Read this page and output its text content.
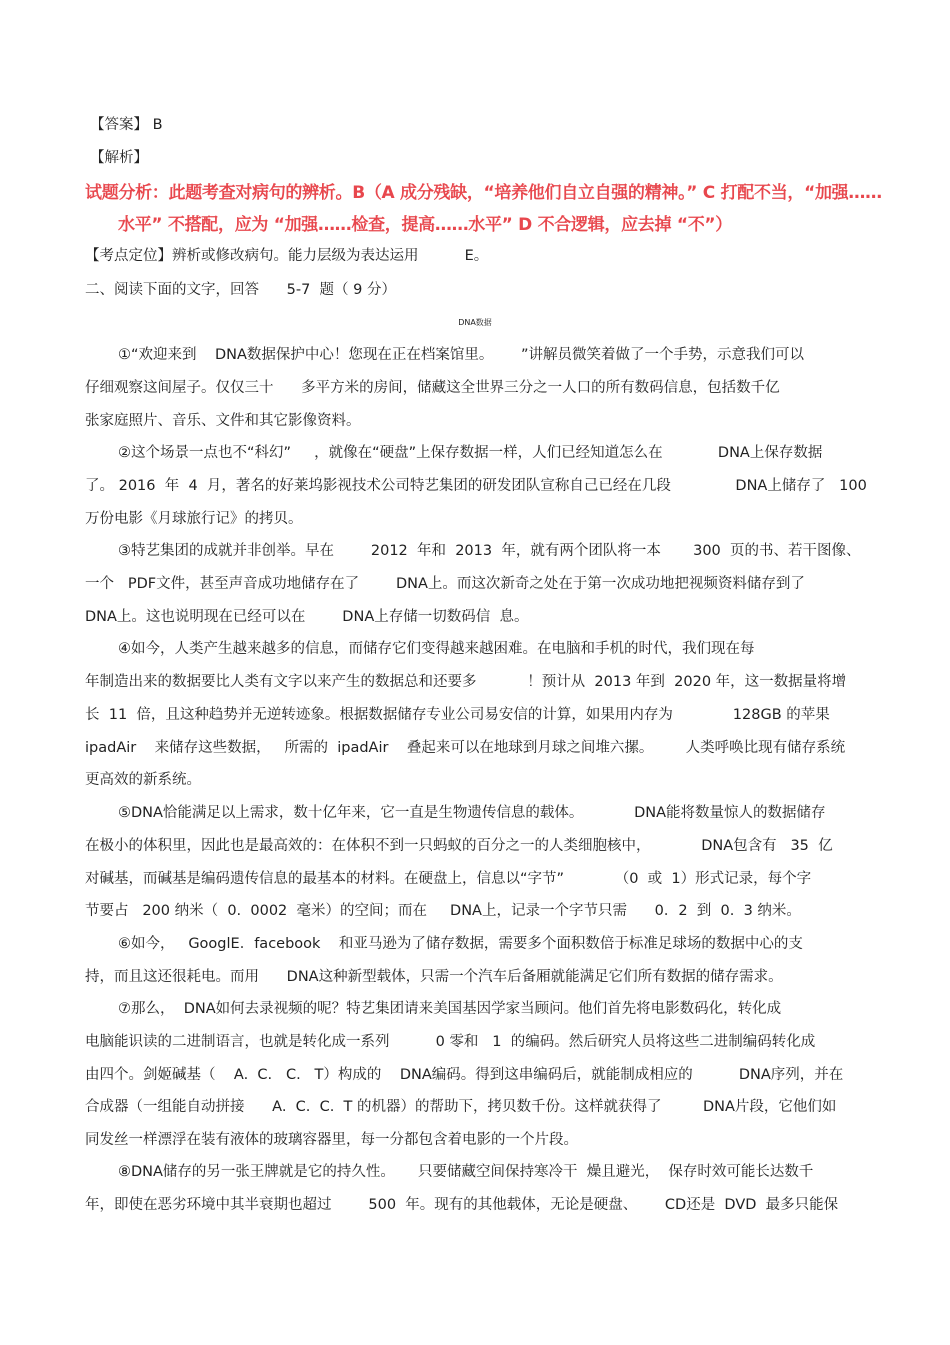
【答案】 B
【解析】
试题分析：此题考查对病句的辨析。B（A 成分残缺，“培养他们自立自强的精神。” C 打配不当，“加强……
水平” 不搭配，应为 “加强……检查，提高……水平” D 不合逻辑，应去掉 “不”）
【考点定位】辨析或修改病句。能力层级为表达运用          E。
二、阅读下面的文字，回答      5-7  题（ 9 分）
DNA数据
①“欢迎来到    DNA数据保护中心！您现在正在档案馆里。      ”讲解员微笑着做了一个手势，示意我们可以
仔细观察这间屋子。仅仅三十      多平方米的房间，储藏这全世界三分之一人口的所有数码信息，包括数千亿
张家庭照片、音乐、文件和其它影像资料。
②这个场景一点也不“科幻”     ，就像在“硬盘”上保存数据一样，人们已经知道怎么在            DNA上保存数据
了。 2016  年  4  月，著名的好莱坞影视技术公司特艺集团的研发团队宣称自己已经在几段              DNA上储存了   100
万份电影《月球旅行记》的拷贝。
③特艺集团的成就并非创举。早在        2012  年和  2013  年，就有两个团队将一本       300  页的书、若干图像、
一个   PDF文件，甚至声音成功地储存在了        DNA上。而这次新奇之处在于第一次成功地把视频资料储存到了
DNA上。这也说明现在已经可以在        DNA上存储一切数码信  息。
④如今，人类产生越来越多的信息，而储存它们变得越来越困难。在电脑和手机的时代，我们现在每
年制造出来的数据要比人类有文字以来产生的数据总和还要多           ！预计从  2013 年到  2020 年，这一数据量将增
长  11  倍，且这种趋势并无逆转迹象。根据数据储存专业公司易安信的计算，如果用内存为             128GB 的苹果
ipadAir    来储存这些数据，   所需的  ipadAir    叠起来可以在地球到月球之间堆六摞。       人类呼唤比现有储存系统
更高效的新系统。
⑤DNA恰能满足以上需求，数十亿年来，它一直是生物遗传信息的载体。           DNA能将数量惊人的数据储存
在极小的体积里，因此也是最高效的：在体积不到一只蚂蚁的百分之一的人类细胞核中，           DNA包含有   35  亿
对碱基，而碱基是编码遗传信息的最基本的材料。在硬盘上，信息以“字节”           （0  或  1）形式记录，每个字
节要占   200 纳米（  0.  0002  毫米）的空间；而在     DNA上，记录一个字节只需      0．2  到  0.  3 纳米。
⑥如今，   GooglE．facebook    和亚马逊为了储存数据，需要多个面积数倍于标准足球场的数据中心的支
持，而且这还很耗电。而用      DNA这种新型载体，只需一个汽车后备厢就能满足它们所有数据的储存需求。
⑦那么，  DNA如何去录视频的呢？特艺集团请来美国基因学家当顾问。他们首先将电影数码化，转化成
电脑能识读的二进制语言，也就是转化成一系列          0 零和   1  的编码。然后研究人员将这些二进制编码转化成
由四个。剑姬碱基（    A.  C.   C.   T）构成的    DNA编码。得到这串编码后，就能制成相应的          DNA序列，并在
合成器（一组能自动拼接      A.  C.  C.  T 的机器）的帮助下，拷贝数千份。这样就获得了         DNA片段，它他们如
同发丝一样漂浮在装有液体的玻璃容器里，每一分都包含着电影的一个片段。
⑧DNA储存的另一张王牌就是它的持久性。     只要储藏空间保持寒冷干  燥且避光，  保存时效可能长达数千
年，即使在恶劣环境中其半衰期也超过        500  年。现有的其他载体，无论是硬盘、      CD还是  DVD  最多只能保
